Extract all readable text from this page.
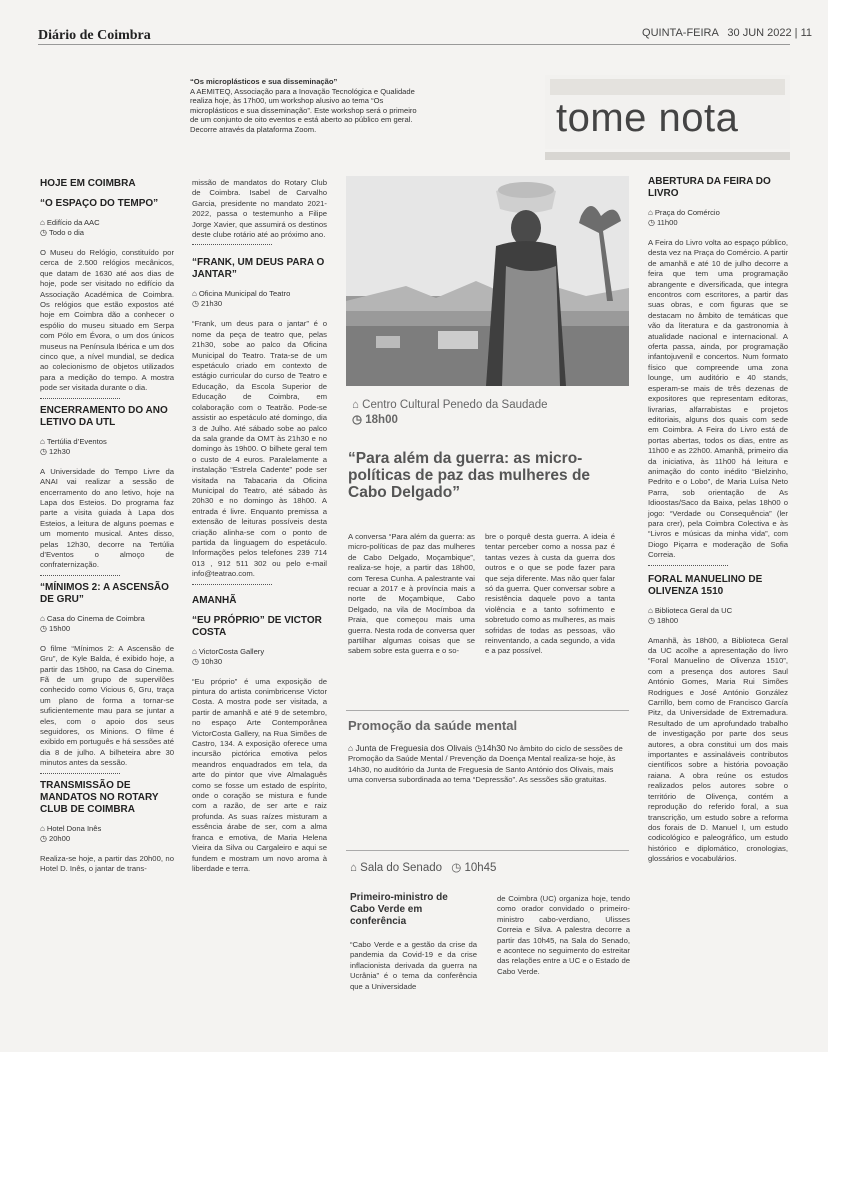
Diário de Coimbra	QUINTA-FEIRA   30 JUN 2022 | 11
“Os microplásticos e sua disseminação”
A AEMITEQ, Associação para a Inovação Tecnológica e Qualidade realiza hoje, às 17h00, um workshop alusivo ao tema “Os microplásticos e sua disseminação”. Este workshop será o primeiro de um conjunto de oito eventos e está aberto ao público em geral. Decorre através da plataforma Zoom.	tome nota
HOJE EM COIMBRA
“O ESPAÇO DO TEMPO”
⌂ Edifício da AAC
◷ Todo o dia

O Museu do Relógio, constituído por cerca de 2.500 relógios mecânicos, que datam de 1630 até aos dias de hoje, pode ser visitado no edifício da Associação Académica de Coimbra. Os relógios que estão expostos até hoje em Coimbra dão a conhecer o espólio do museu situado em Serpa com Pólo em Évora, o um dos únicos museus na Península Ibérica e um dos cinco que, a nível mundial, se dedica ao colecionismo de objetos utilizados para a medição do tempo. A mostra pode ser visitada durante o dia.

ENCERRAMENTO DO ANO LETIVO DA UTL
⌂ Tertúlia d’Eventos
◷ 12h30

A Universidade do Tempo Livre da ANAI vai realizar a sessão de encerramento do ano letivo, hoje na Lapa dos Esteios. Do programa faz parte a visita guiada à Lapa dos Esteios, a leitura de alguns poemas e um momento musical. Antes disso, pelas 12h30, decorre na Tertúlia d’Eventos o almoço de confraternização.

“MÍNIMOS 2: A ASCENSÃO DE GRU”
⌂ Casa do Cinema de Coimbra
◷ 15h00

O filme “Mínimos 2: A Ascensão de Gru”, de Kyle Balda, é exibido hoje, a partir das 15h00, na Casa do Cinema. Fã de um grupo de supervilões conhecido como Vicious 6, Gru, traça um plano de forma a tornar-se suficientemente mau para se juntar a eles, com o apoio dos seus seguidores, os Minions. O filme é exibido em português e há sessões até dia 8 de julho. A bilheteira abre 30 minutos antes da sessão.

TRANSMISSÃO DE MANDATOS NO ROTARY CLUB DE COIMBRA
⌂ Hotel Dona Inês
◷ 20h00

Realiza-se hoje, a partir das 20h00, no Hotel D. Inês, o jantar de trans-

missão de mandatos do Rotary Club de Coimbra. Isabel de Carvalho Garcia, presidente no mandato 2021-2022, passa o testemunho a Filipe Jorge Xavier, que assumirá os destinos deste clube rotário até ao próximo ano.

“FRANK, UM DEUS PARA O JANTAR”
⌂ Oficina Municipal do Teatro
◷ 21h30

“Frank, um deus para o jantar” é o nome da peça de teatro que, pelas 21h30, sobe ao palco da Oficina Municipal do Teatro. Trata-se de um espetáculo criado em contexto de estágio curricular do curso de Teatro e Educação, da Escola Superior de Educação de Coimbra, em colaboração com o Teatrão. Pode-se assistir ao espetáculo até domingo, dia 3 de Julho. Até sábado sobe ao palco da sala grande da OMT às 21h30 e no domingo às 19h00. O bilhete geral tem o custo de 4 euros. Paralelamente a instalação “Estrela Cadente” pode ser visitada na Tabacaria da Oficina Municipal do Teatro, até sábado às 20h30 e no domingo às 18h00. A entrada é livre. Enquanto premissa a extensão de leituras possíveis desta criação alinha-se com o ponto de partida da linguagem do espetáculo. Informações pelos telefones 239 714 013 , 912 511 302 ou pelo e-mail info@teatrao.com.

AMANHÃ
“EU PRÓPRIO” DE VICTOR COSTA
⌂ VictorCosta Gallery
◷ 10h30

“Eu próprio” é uma exposição de pintura do artista conimbricense Victor Costa. A mostra pode ser visitada, a partir de amanhã e até 9 de setembro, no espaço Arte Contemporânea VictorCosta Gallery, na Rua Simões de Castro, 134. A exposição oferece uma incursão pictórica emotiva pelos meandros enquadrados em tela, da arte do pintor que vive Almalaguês como se fosse um estado de espírito, onde o coração se mistura e funde com a razão, de ser arte e raiz profunda. As suas raízes misturam a essência árabe de ser, com a alma franca e emotiva, de Maria Helena Vieira da Silva ou Cargaleiro e aqui se fundem e mostram um novo aroma à liberdade e terra.

⌂ Centro Cultural Penedo da Saudade
◷ 18h00
“Para além da guerra: as micro-políticas de paz das mulheres de Cabo Delgado”

A conversa “Para além da guerra: as micro-políticas de paz das mulheres de Cabo Delgado, Moçambique”, realiza-se hoje, a partir das 18h00, com Teresa Cunha. A palestrante vai recuar a 2017 e à província mais a norte de Moçambique, Cabo Delgado, na vila de Mocímboa da Praia, que começou mais uma guerra. Nesta roda de conversa quer partilhar algumas coisas que se sabem sobre esta guerra e o so-

bre o porquê desta guerra. A ideia é tentar perceber como a nossa paz é tantas vezes à custa da guerra dos outros e o que se pode fazer para que seja diferente. Mas não quer falar só da guerra. Quer conversar sobre a resistência daquele povo a tanta violência e a tanto sofrimento e sobretudo como as mulheres, as mais sofridas de todas as pessoas, vão reinventando, a cada segundo, a vida e a paz possível.

Promoção da saúde mental
⌂ Junta de Freguesia dos Olivais ◷14h30 No âmbito do ciclo de sessões de Promoção da Saúde Mental / Prevenção da Doença Mental realiza-se hoje, às 14h30, no auditório da Junta de Freguesia de Santo António dos Olivais, mais uma conversa subordinada ao tema “Depressão”. As sessões são gratuitas.
⌂ Sala do Senado ◷ 10h45
Primeiro-ministro de Cabo Verde em conferência

“Cabo Verde e a gestão da crise da pandemia da Covid-19 e da crise inflacionista derivada da guerra na Ucrânia” é o tema da conferência que a Universidade

de Coimbra (UC) organiza hoje, tendo como orador convidado o primeiro-ministro cabo-verdiano, Ulisses Correia e Silva. A palestra decorre a partir das 10h45, na Sala do Senado, e acontece no seguimento do estreitar das relações entre a UC e o Estado de Cabo Verde.

ABERTURA DA FEIRA DO LIVRO
⌂ Praça do Comércio
◷ 11h00

A Feira do Livro volta ao espaço público, desta vez na Praça do Comércio. A partir de amanhã e até 10 de julho decorre a feira que tem uma programação abrangente e diversificada, que integra encontros com escritores, a partir das suas obras, e com figuras que se destacam no âmbito de temáticas que vão da literatura e da gastronomia à atualidade nacional e internacional. A oferta passa, ainda, por programação infantojuvenil e concertos. Num formato físico que compreende uma zona lounge, um auditório e 40 stands, esperam-se mais de três dezenas de expositores que representam editoras, livrarias, alfarrabistas e projetos editoriais, alguns dos quais com sede em Coimbra. A Feira do Livro está de portas abertas, todos os dias, entre as 11h00 e as 22h00. Amanhã, primeiro dia da iniciativa, às 11h00 há leitura e animação do conto inédito “Bielzinho, Pedrito e o Lobo”, de Maria Luísa Neto Parra, sob orientação de As Idioostas/Saco da Baixa, pelas 18h00 o jogo: “Verdade ou Consequência” (ler para crer), pela Coimbra Colectiva e às “Livros e músicas da minha vida”, com Diogo Piçarra e moderação de Sofia Correia.

FORAL MANUELINO DE OLIVENZA 1510
⌂ Biblioteca Geral da UC
◷ 18h00

Amanhã, às 18h00, a Biblioteca Geral da UC acolhe a apresentação do livro “Foral Manuelino de Olivenza 1510”, com a presença dos autores Saul António Gomes, Maria Rui Simões Rodrigues e José António González Carrillo, bem como de Francisco García Pitz, da Universidade de Extremadura. Resultado de um aprofundado trabalho de investigação por parte dos seus autores, a obra constitui um dos mais importantes e assinaláveis contributos científicos sobre a história povoação raiana. A obra reúne os estudos realizados pelos autores sobre o território de Olivença, contém a reprodução do referido foral, a sua transcrição, um estudo sobre a reforma dos forais de D. Manuel I, um estudo codicológico e paleográfico, um estudo histórico e diplomático, cronologias, glossários e vocabulários.
